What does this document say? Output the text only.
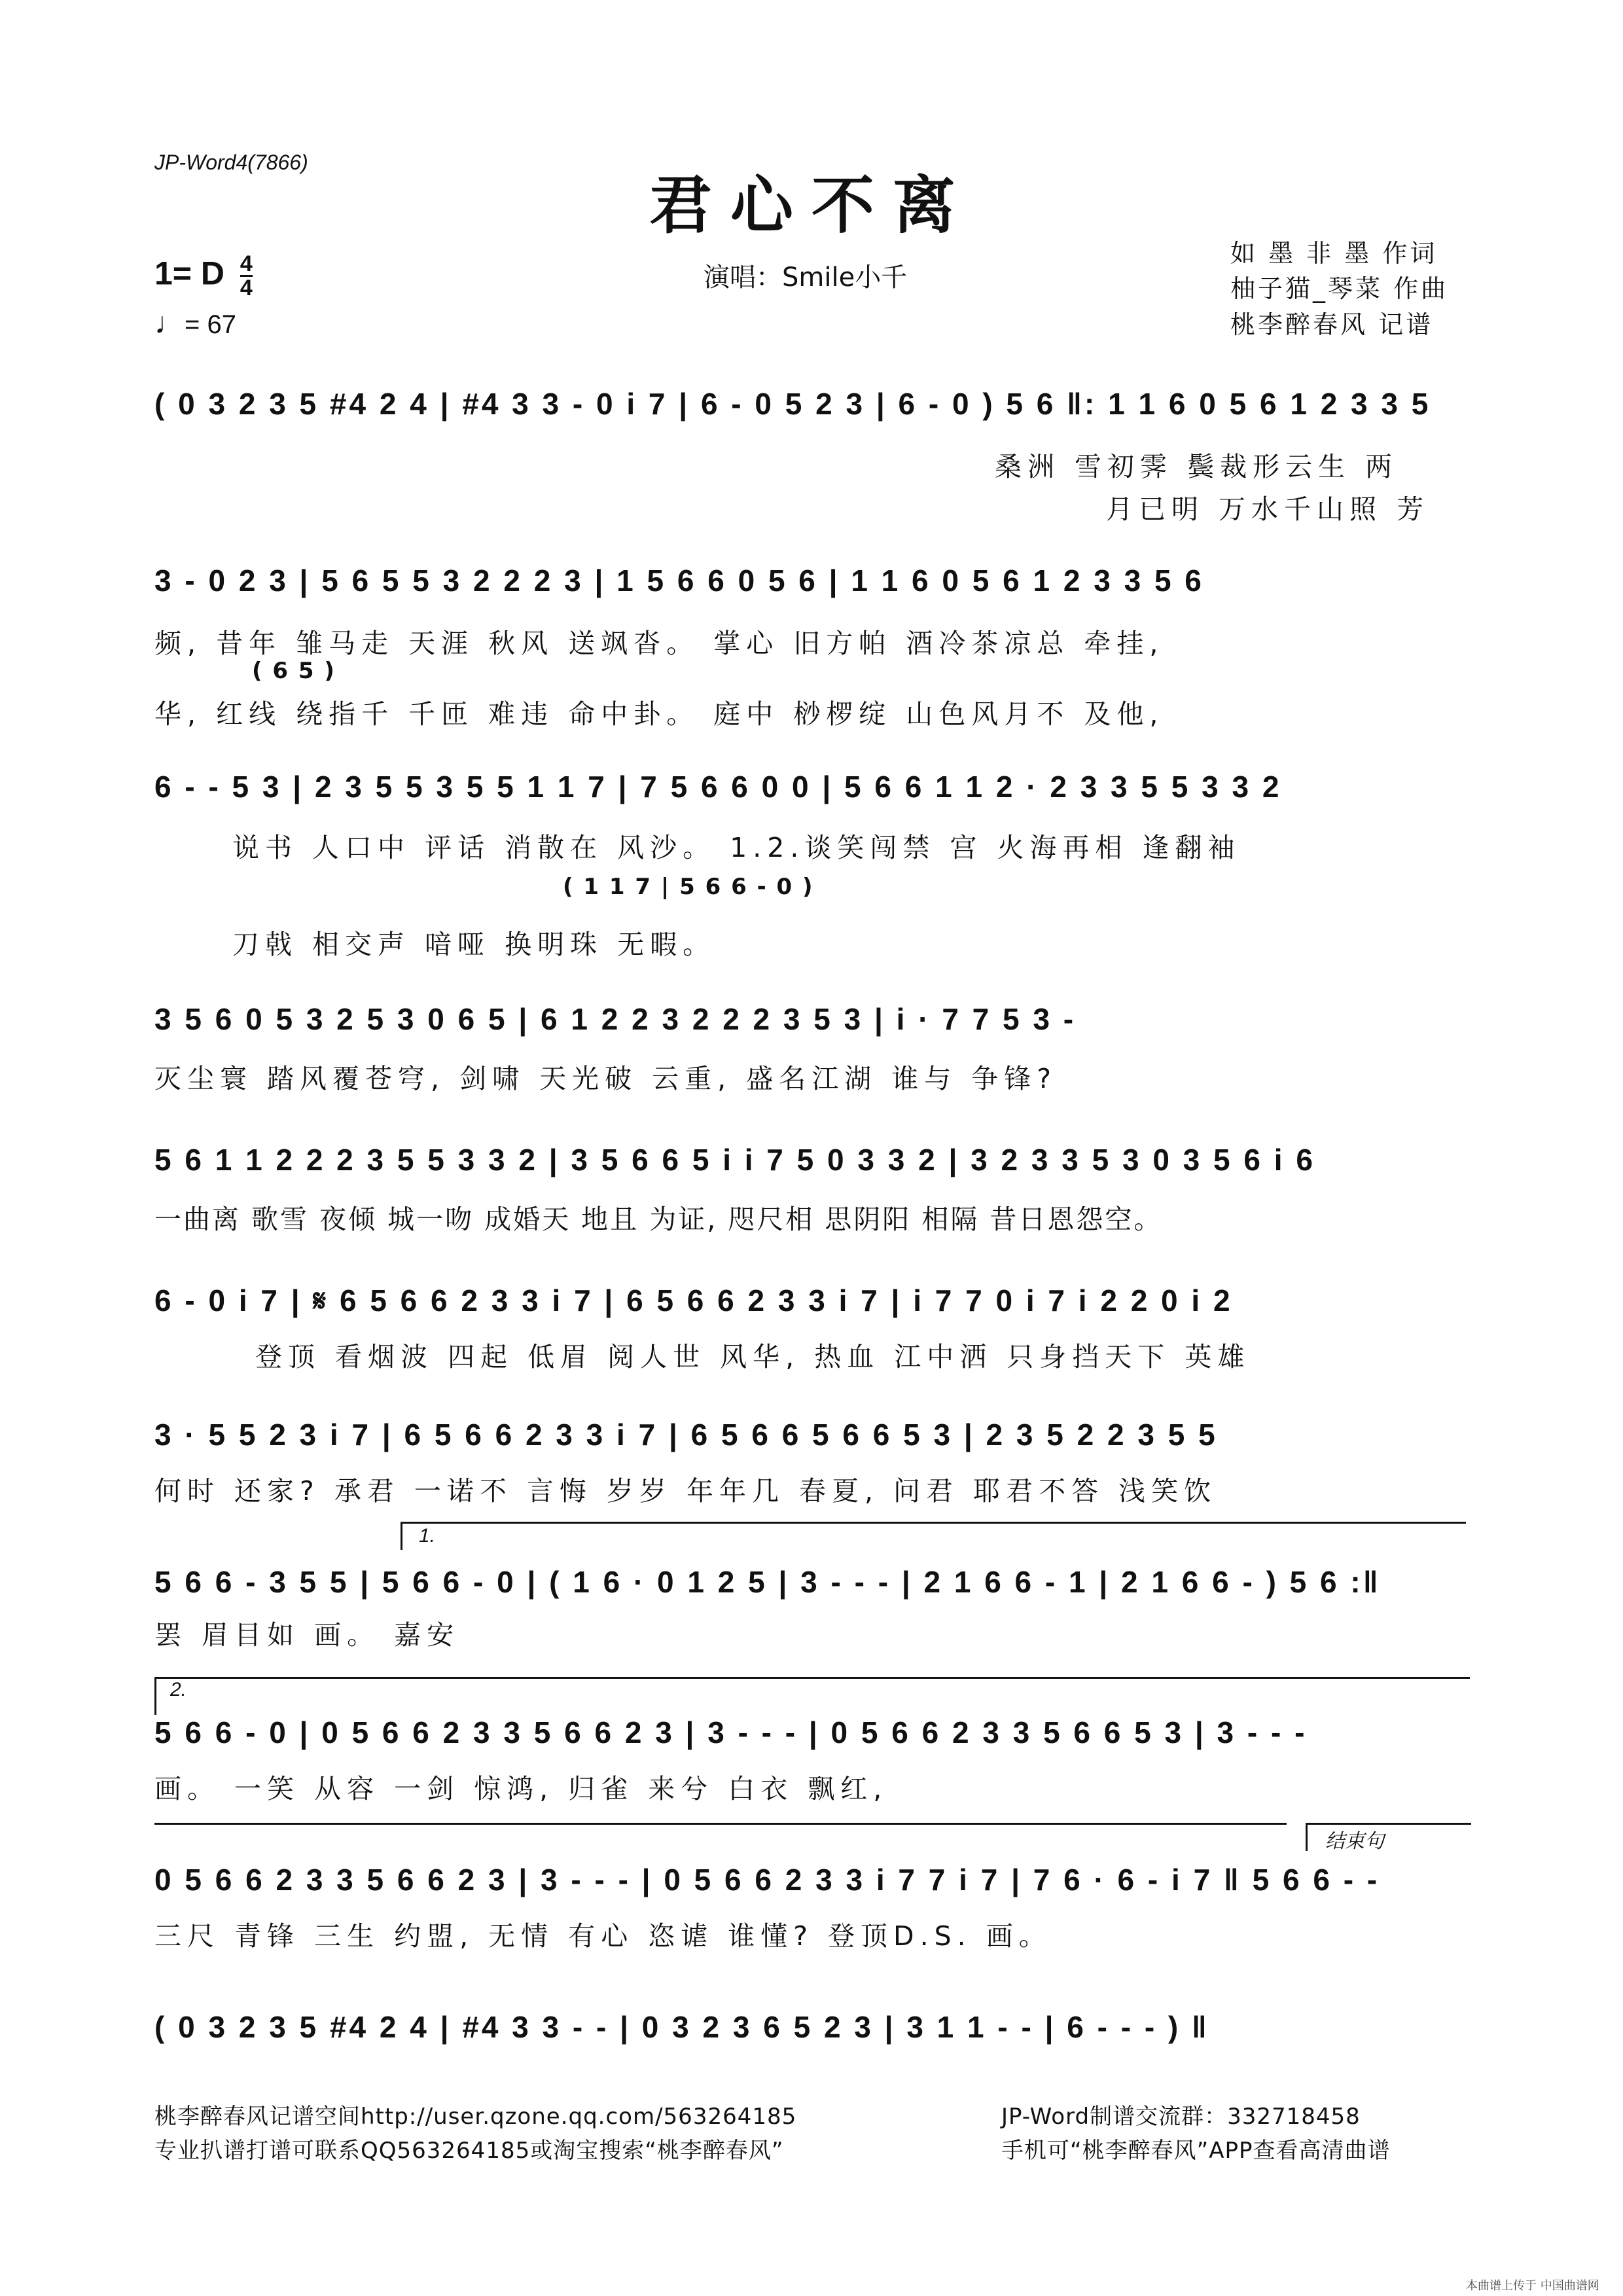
JP-Word4(7866)
君心不离
1= D $\frac{4}{4}$
♩= 67
演唱：Smile小千
如 墨 非 墨 作词
柚子猫_琴菜 作曲
桃李醉春风 记谱
( 0 3 2 3 5 #4 2 4 | #4 3 3 - 0 i 7 | 6 - 0 5 2 3 | 6 - 0 ) 5 6 ‖: 1 1 6 0 5 6 1 2 3 3 5
桑洲 雪初霁 鬓裁形云生 两
月已明 万水千山照 芳
3 - 0 2 3 | 5 6 5 5 3 2 2 2 3 | 1 5 6 6 0 5 6 | 1 1 6 0 5 6 1 2 3 3 5 6
频, 昔年 雏马走 天涯 秋风 送飒沓。 掌心 旧方帕 酒冷茶凉总 牵挂,
( 6 5 )
华, 红线 绕指千 千匝 难违 命中卦。 庭中 桫椤绽 山色风月不 及他,
6 - - 5 3 | 2 3 5 5 3 5 5 1 1 7 | 7 5 6 6 0 0 | 5 6 6 1 1 2 · 2 3 3 5 5 3 3 2
说书 人口中 评话 消散在 风沙。 1.2.谈笑闯禁 宫 火海再相 逢翻袖
( 1 1 7 | 5 6 6 - 0 )
刀戟 相交声 喑哑 换明珠 无暇。
3 5 6 0 5 3 2 5 3 0 6 5 | 6 1 2 2 3 2 2 2 3 5 3 | i · 7 7 5 3 -
灭尘寰 踏风覆苍穹, 剑啸 天光破 云重, 盛名江湖 谁与 争锋?
5 6 1 1 2 2 2 3 5 5 3 3 2 | 3 5 6 6 5 i i 7 5 0 3 3 2 | 3 2 3 3 5 3 0 3 5 6 i 6
一曲离 歌雪 夜倾 城一吻 成婚天 地且 为证, 咫尺相 思阴阳 相隔 昔日恩怨空。
6 - 0 i 7 | 𝄋 6 5 6 6 2 3 3 i 7 | 6 5 6 6 2 3 3 i 7 | i 7 7 0 i 7 i 2 2 0 i 2
登顶 看烟波 四起 低眉 阅人世 风华, 热血 江中洒 只身挡天下 英雄
3 · 5 5 2 3 i 7 | 6 5 6 6 2 3 3 i 7 | 6 5 6 6 5 6 6 5 3 | 2 3 5 2 2 3 5 5
何时 还家? 承君 一诺不 言悔 岁岁 年年几 春夏, 问君 耶君不答 浅笑饮
1.
5 6 6 - 3 5 5 | 5 6 6 - 0 | ( 1 6 · 0 1 2 5 | 3 - - - | 2 1 6 6 - 1 | 2 1 6 6 - ) 5 6 :‖
罢 眉目如 画。 嘉安
2.
5 6 6 - 0 | 0 5 6 6 2 3 3 5 6 6 2 3 | 3 - - - | 0 5 6 6 2 3 3 5 6 6 5 3 | 3 - - -
画。 一笑 从容 一剑 惊鸿, 归雀 来兮 白衣 飘红,
结束句
0 5 6 6 2 3 3 5 6 6 2 3 | 3 - - - | 0 5 6 6 2 3 3 i 7 7 i 7 | 7 6 · 6 - i 7 ‖ 5 6 6 - -
三尺 青锋 三生 约盟, 无情 有心 恣谑 谁懂? 登顶D.S. 画。
( 0 3 2 3 5 #4 2 4 | #4 3 3 - - | 0 3 2 3 6 5 2 3 | 3 1 1 - - | 6 - - - ) ‖
桃李醉春风记谱空间http://user.qzone.qq.com/563264185	JP-Word制谱交流群：332718458
专业扒谱打谱可联系QQ563264185或淘宝搜索“桃李醉春风”	手机可“桃李醉春风”APP查看高清曲谱
本曲谱上传于 中国曲谱网
